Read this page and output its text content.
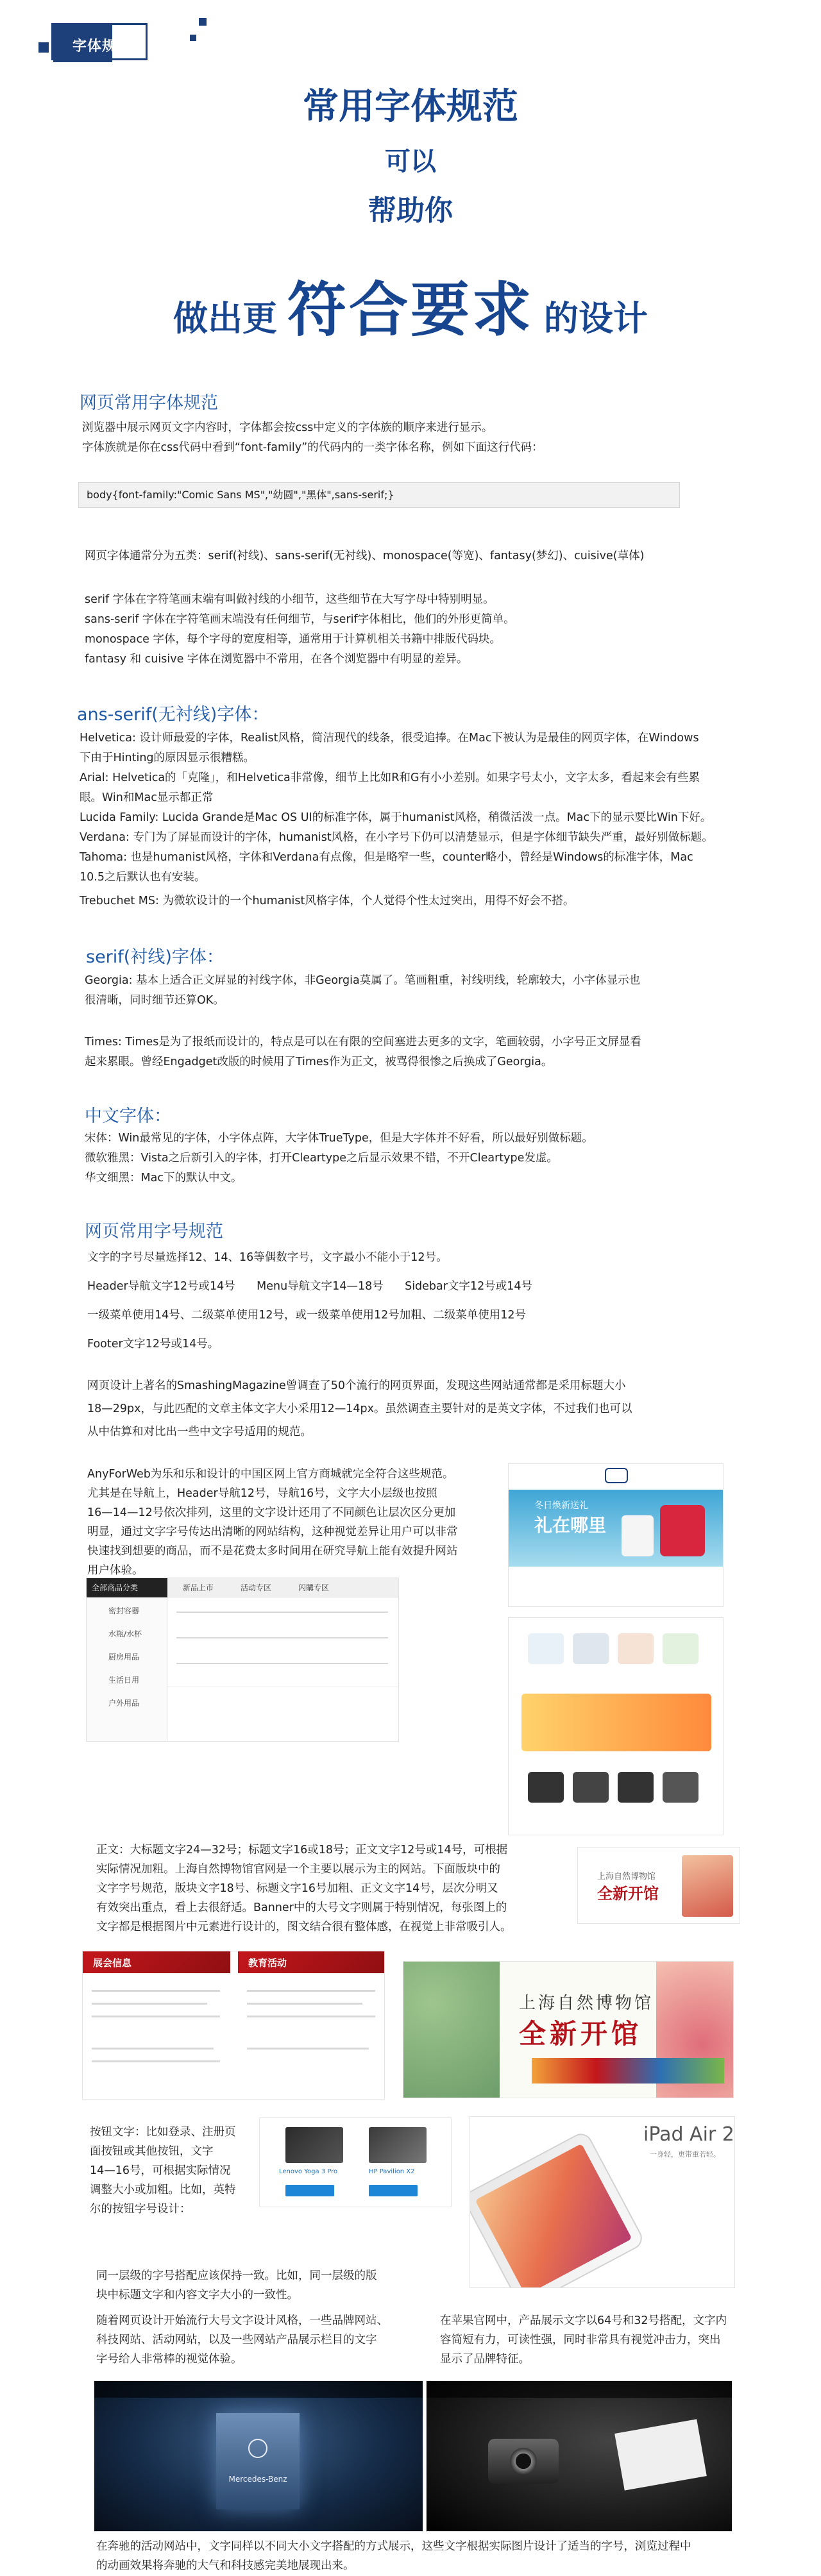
字体规范
常用字体规范
可以
帮助你
做出更 符合要求 的设计
网页常用字体规范
浏览器中展示网页文字内容时，字体都会按css中定义的字体族的顺序来进行显示。
字体族就是你在css代码中看到“font-family”的代码内的一类字体名称，例如下面这行代码：
body{font-family:"Comic Sans MS","幼圆","黑体",sans-serif;}
网页字体通常分为五类：serif(衬线)、sans-serif(无衬线)、monospace(等宽)、fantasy(梦幻)、cuisive(草体)
serif 字体在字符笔画末端有叫做衬线的小细节，这些细节在大写字母中特别明显。
sans-serif 字体在字符笔画末端没有任何细节，与serif字体相比，他们的外形更简单。
monospace 字体，每个字母的宽度相等，通常用于计算机相关书籍中排版代码块。
fantasy 和 cuisive 字体在浏览器中不常用，在各个浏览器中有明显的差异。
ans-serif(无衬线)字体：
Helvetica: 设计师最爱的字体，Realist风格，简洁现代的线条，很受追捧。在Mac下被认为是最佳的网页字体，在Windows
下由于Hinting的原因显示很糟糕。
Arial: Helvetica的「克隆」，和Helvetica非常像，细节上比如R和G有小小差别。如果字号太小，文字太多，看起来会有些累
眼。Win和Mac显示都正常
Lucida Family: Lucida Grande是Mac OS UI的标准字体，属于humanist风格，稍微活泼一点。Mac下的显示要比Win下好。
Verdana: 专门为了屏显而设计的字体，humanist风格，在小字号下仍可以清楚显示，但是字体细节缺失严重，最好别做标题。
Tahoma: 也是humanist风格，字体和Verdana有点像，但是略窄一些，counter略小，曾经是Windows的标准字体，Mac
10.5之后默认也有安装。
Trebuchet MS: 为微软设计的一个humanist风格字体，个人觉得个性太过突出，用得不好会不搭。
serif(衬线)字体：
Georgia: 基本上适合正文屏显的衬线字体，非Georgia莫属了。笔画粗重，衬线明线，轮廓较大，小字体显示也
很清晰，同时细节还算OK。
Times: Times是为了报纸而设计的，特点是可以在有限的空间塞进去更多的文字，笔画较弱，小字号正文屏显看
起来累眼。曾经Engadget改版的时候用了Times作为正文，被骂得很惨之后换成了Georgia。
中文字体：
宋体：Win最常见的字体，小字体点阵，大字体TrueType，但是大字体并不好看，所以最好别做标题。
微软雅黑：Vista之后新引入的字体，打开Cleartype之后显示效果不错，不开Cleartype发虚。
华文细黑：Mac下的默认中文。
网页常用字号规范
文字的字号尽量选择12、14、16等偶数字号，文字最小不能小于12号。
Header导航文字12号或14号      Menu导航文字14—18号      Sidebar文字12号或14号
一级菜单使用14号、二级菜单使用12号，或一级菜单使用12号加粗、二级菜单使用12号
Footer文字12号或14号。
网页设计上著名的SmashingMagazine曾调查了50个流行的网页界面，发现这些网站通常都是采用标题大小
18—29px，与此匹配的文章主体文字大小采用12—14px。虽然调查主要针对的是英文字体，不过我们也可以
从中估算和对比出一些中文字号适用的规范。
AnyForWeb为乐和乐和设计的中国区网上官方商城就完全符合这些规范。
尤其是在导航上，Header导航12号，导航16号，文字大小层级也按照
16—14—12号依次排列，这里的文字设计还用了不同颜色让层次区分更加
明显，通过文字字号传达出清晰的网站结构，这种视觉差异让用户可以非常
快速找到想要的商品，而不是花费太多时间用在研究导航上能有效提升网站
用户体验。
冬日焕新送礼
礼在哪里
全部商品分类	新品上市	活动专区	闪購专区
密封容器
水瓶/水杯
厨房用品
生活日用
户外用品
正文：大标题文字24—32号；标题文字16或18号；正文文字12号或14号，可根据
实际情况加粗。上海自然博物馆官网是一个主要以展示为主的网站。下面版块中的
文字字号规范，版块文字18号、标题文字16号加粗、正文文字14号，层次分明又
有效突出重点，看上去很舒适。Banner中的大号文字则属于特别情况，每张图上的
文字都是根据图片中元素进行设计的，图文结合很有整体感，在视觉上非常吸引人。
上海自然博物馆
全新开馆
展会信息	教育活动
上海自然博物馆
全新开馆
按钮文字：比如登录、注册页
面按钮或其他按钮，文字
14—16号，可根据实际情况
调整大小或加粗。比如，英特
尔的按钮字号设计：
Lenovo Yoga 3 Pro	HP Pavilion X2
iPad Air 2
一身轻，更带重若轻。
同一层级的字号搭配应该保持一致。比如，同一层级的版
块中标题文字和内容文字大小的一致性。
随着网页设计开始流行大号文字设计风格，一些品牌网站、
科技网站、活动网站，以及一些网站产品展示栏目的文字
字号给人非常棒的视觉体验。
在苹果官网中，产品展示文字以64号和32号搭配，文字内
容简短有力，可读性强，同时非常具有视觉冲击力，突出
显示了品牌特征。
Mercedes-Benz
在奔驰的活动网站中，文字同样以不同大小文字搭配的方式展示，这些文字根据实际图片设计了适当的字号，浏览过程中
的动画效果将奔驰的大气和科技感完美地展现出来。
